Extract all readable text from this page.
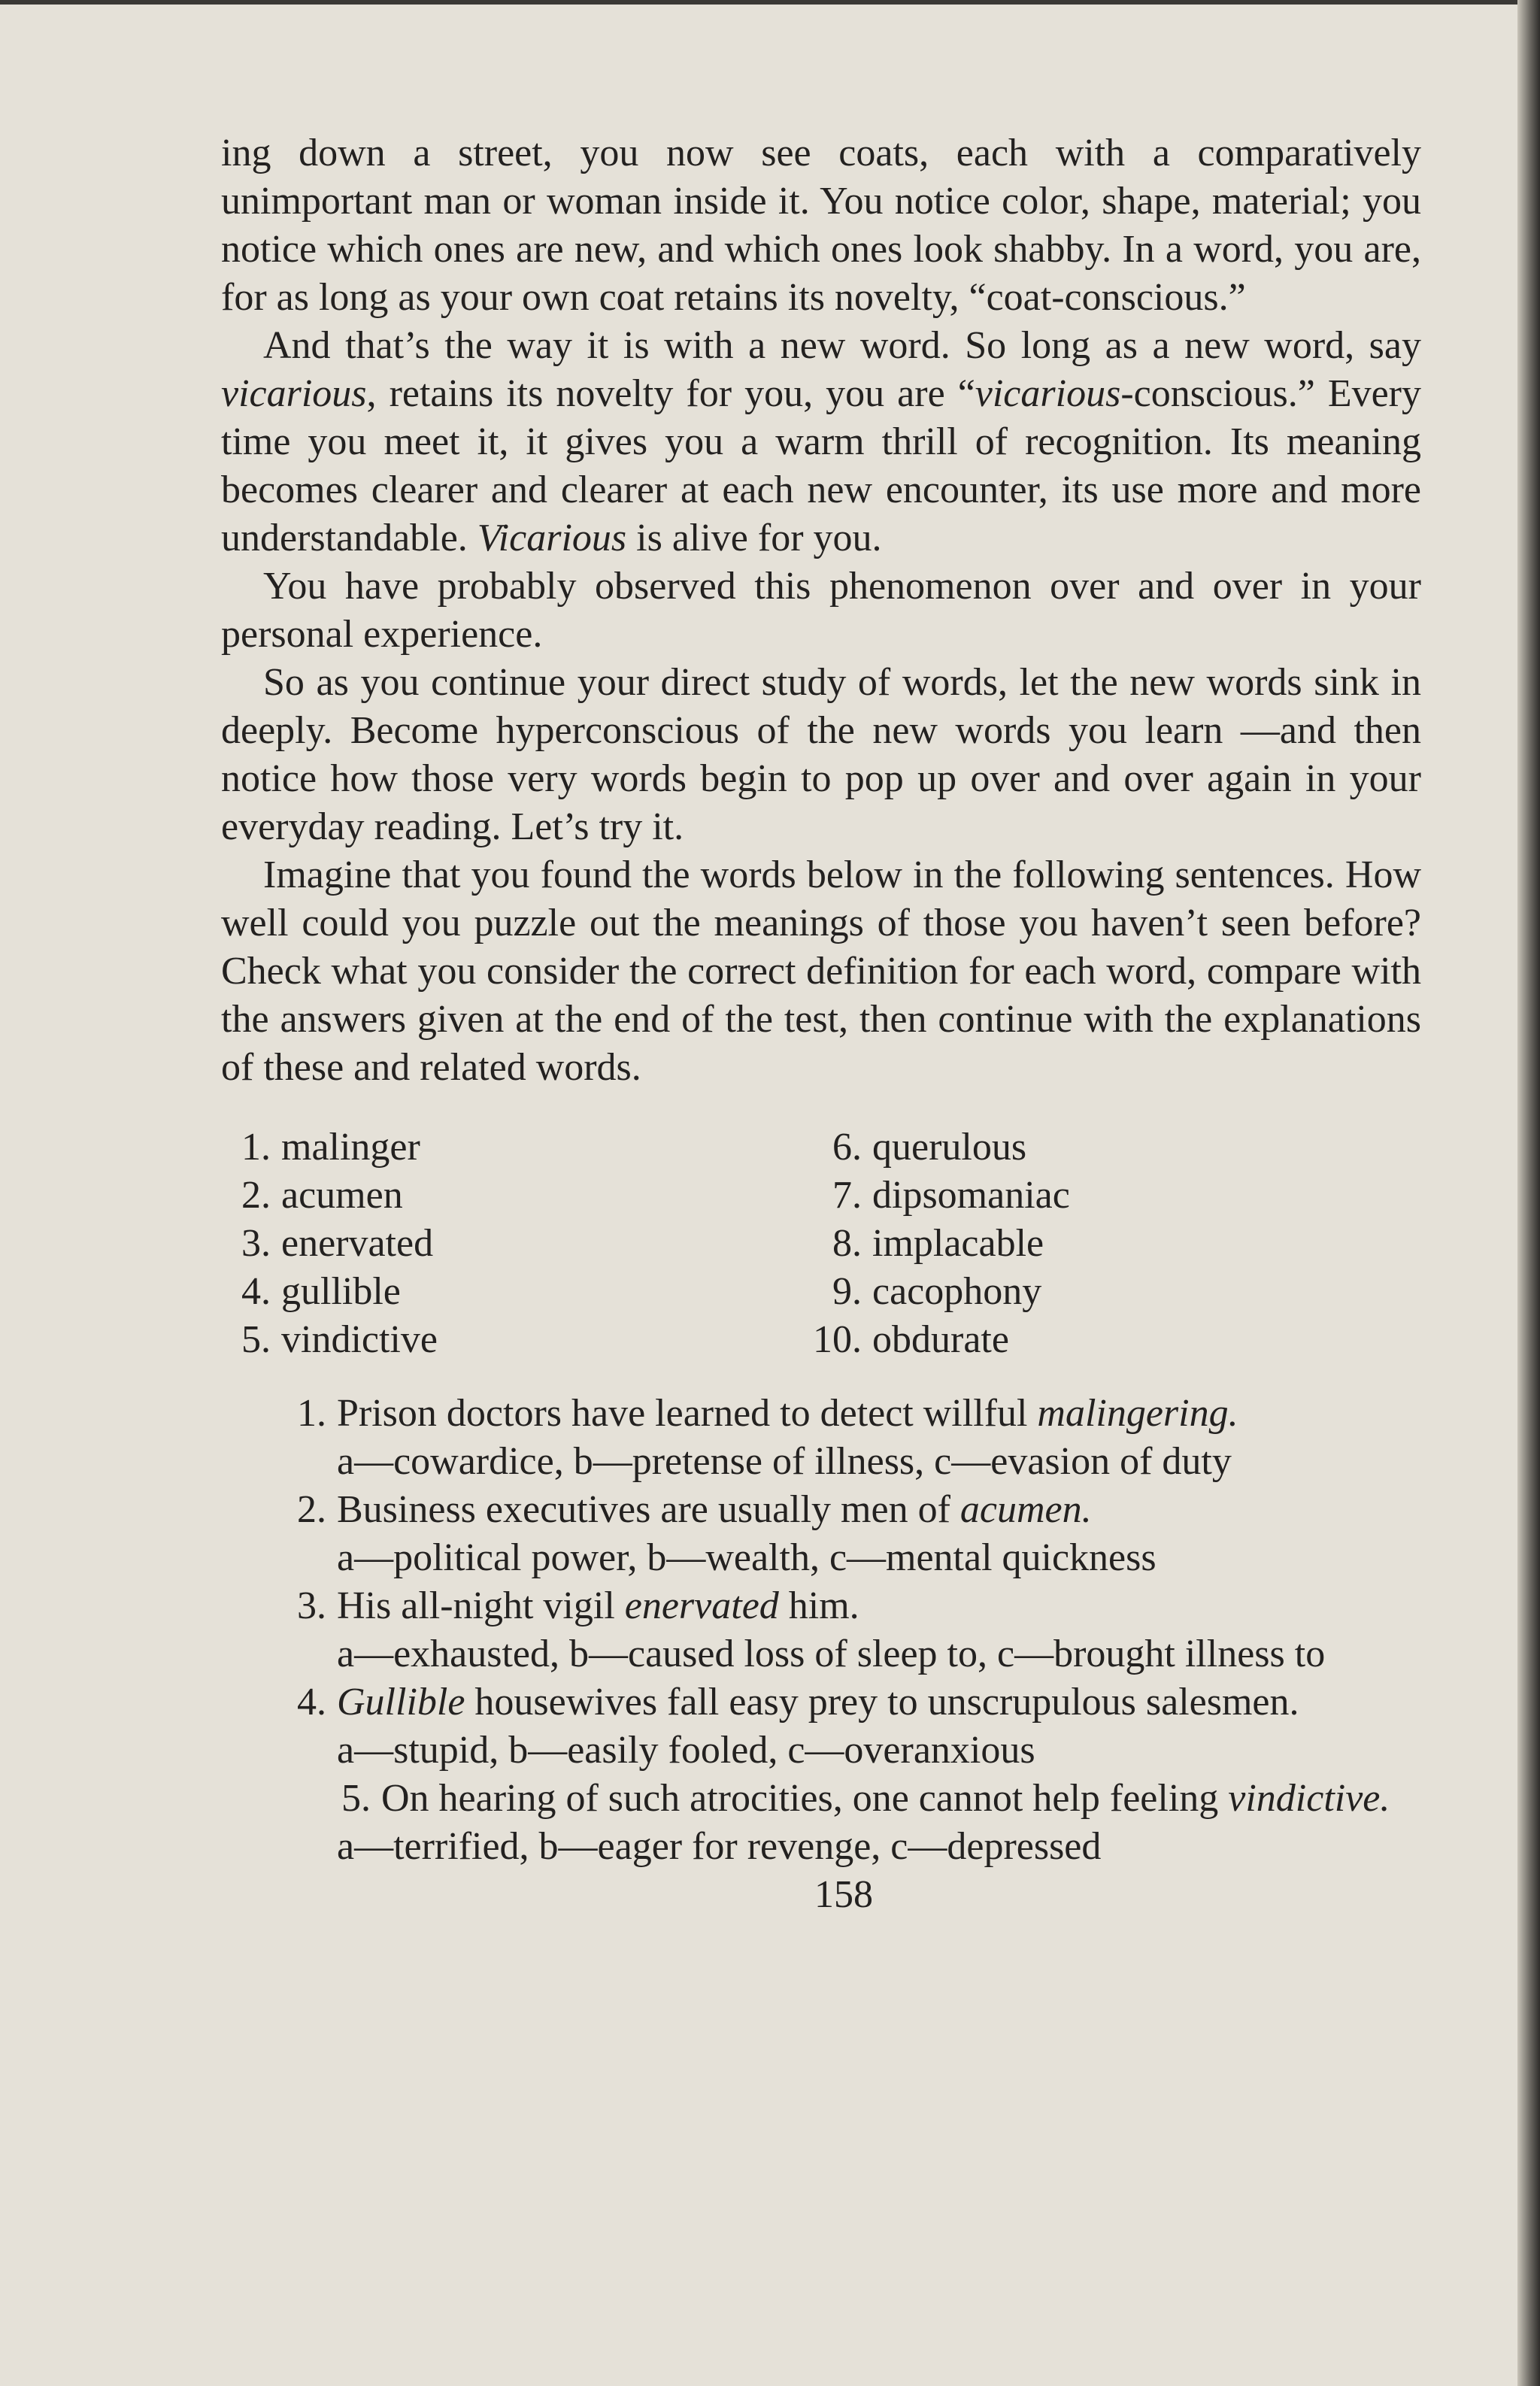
ing down a street, you now see coats, each with a comparatively unimportant man or woman inside it. You notice color, shape, material; you notice which ones are new, and which ones look shabby. In a word, you are, for as long as your own coat retains its novelty, “coat-conscious.”

And that’s the way it is with a new word. So long as a new word, say vicarious, retains its novelty for you, you are “vicarious-conscious.” Every time you meet it, it gives you a warm thrill of recognition. Its meaning becomes clearer and clearer at each new encounter, its use more and more understandable. Vicarious is alive for you.

You have probably observed this phenomenon over and over in your personal experience.

So as you continue your direct study of words, let the new words sink in deeply. Become hyperconscious of the new words you learn —and then notice how those very words begin to pop up over and over again in your everyday reading. Let’s try it.

Imagine that you found the words below in the following sentences. How well could you puzzle out the meanings of those you haven’t seen before? Check what you consider the correct definition for each word, compare with the answers given at the end of the test, then continue with the explanations of these and related words.

1. malinger
2. acumen
3. enervated
4. gullible
5. vindictive
6. querulous
7. dipsomaniac
8. implacable
9. cacophony
10. obdurate
1. Prison doctors have learned to detect willful malingering.
a—cowardice, b—pretense of illness, c—evasion of duty
2. Business executives are usually men of acumen.
a—political power, b—wealth, c—mental quickness
3. His all-night vigil enervated him.
a—exhausted, b—caused loss of sleep to, c—brought illness to
4. Gullible housewives fall easy prey to unscrupulous salesmen.
a—stupid, b—easily fooled, c—overanxious
5. On hearing of such atrocities, one cannot help feeling vindictive.
a—terrified, b—eager for revenge, c—depressed
158
